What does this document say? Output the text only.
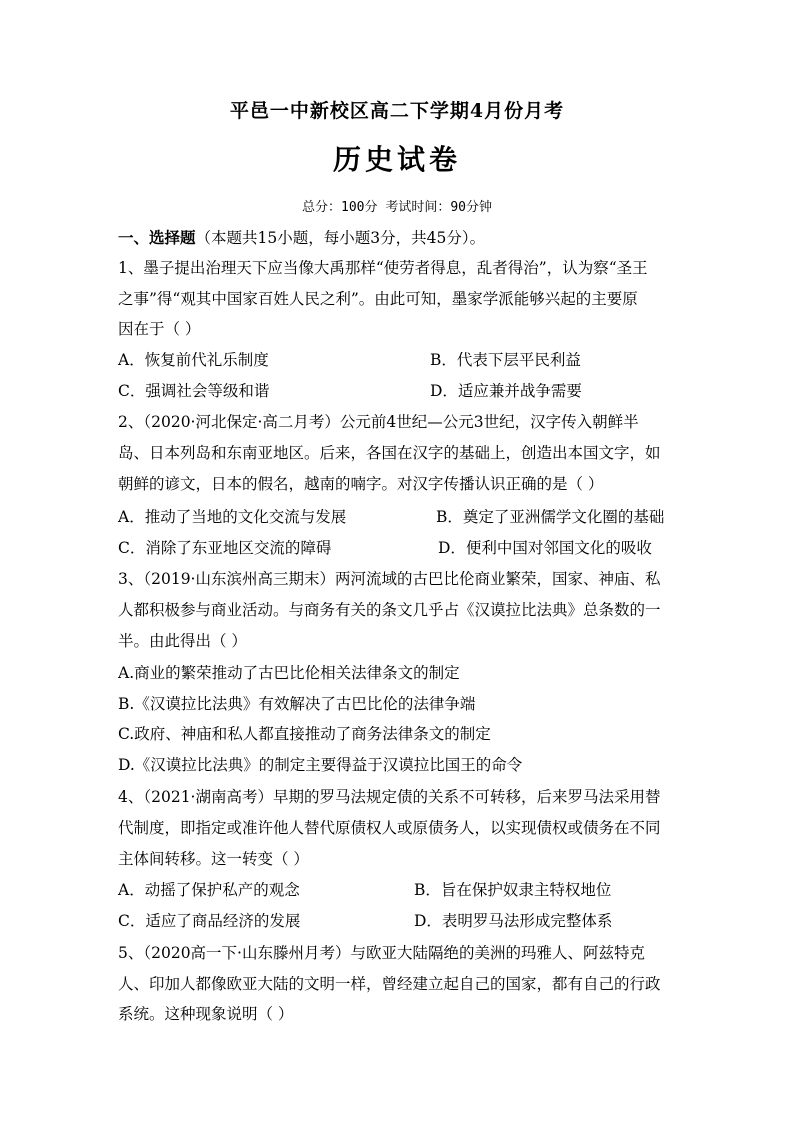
平邑一中新校区高二下学期4月份月考
历史试卷
总分：100分 考试时间：90分钟
一、选择题（本题共15小题，每小题3分，共45分）。
1、墨子提出治理天下应当像大禹那样“使劳者得息，乱者得治”，认为察“圣王
之事”得“观其中国家百姓人民之利”。由此可知，墨家学派能够兴起的主要原
因在于（ ）
A．恢复前代礼乐制度	B．代表下层平民利益
C．强调社会等级和谐	D．适应兼并战争需要
2、（2020·河北保定·高二月考）公元前4世纪—公元3世纪，汉字传入朝鲜半
岛、日本列岛和东南亚地区。后来，各国在汉字的基础上，创造出本国文字，如
朝鲜的谚文，日本的假名，越南的喃字。对汉字传播认识正确的是（ ）
A．推动了当地的文化交流与发展	B．奠定了亚洲儒学文化圈的基础
C．消除了东亚地区交流的障碍	D．便利中国对邻国文化的吸收
3、（2019·山东滨州高三期末）两河流域的古巴比伦商业繁荣，国家、神庙、私
人都积极参与商业活动。与商务有关的条文几乎占《汉谟拉比法典》总条数的一
半。由此得出（ ）
A.商业的繁荣推动了古巴比伦相关法律条文的制定
B.《汉谟拉比法典》有效解决了古巴比伦的法律争端
C.政府、神庙和私人都直接推动了商务法律条文的制定
D.《汉谟拉比法典》的制定主要得益于汉谟拉比国王的命令
4、（2021·湖南高考）早期的罗马法规定债的关系不可转移，后来罗马法采用替
代制度，即指定或准许他人替代原债权人或原债务人，以实现债权或债务在不同
主体间转移。这一转变（ ）
A．动摇了保护私产的观念	B．旨在保护奴隶主特权地位
C．适应了商品经济的发展	D．表明罗马法形成完整体系
5、（2020高一下·山东滕州月考）与欧亚大陆隔绝的美洲的玛雅人、阿兹特克
人、印加人都像欧亚大陆的文明一样，曾经建立起自己的国家，都有自己的行政
系统。这种现象说明（ ）
